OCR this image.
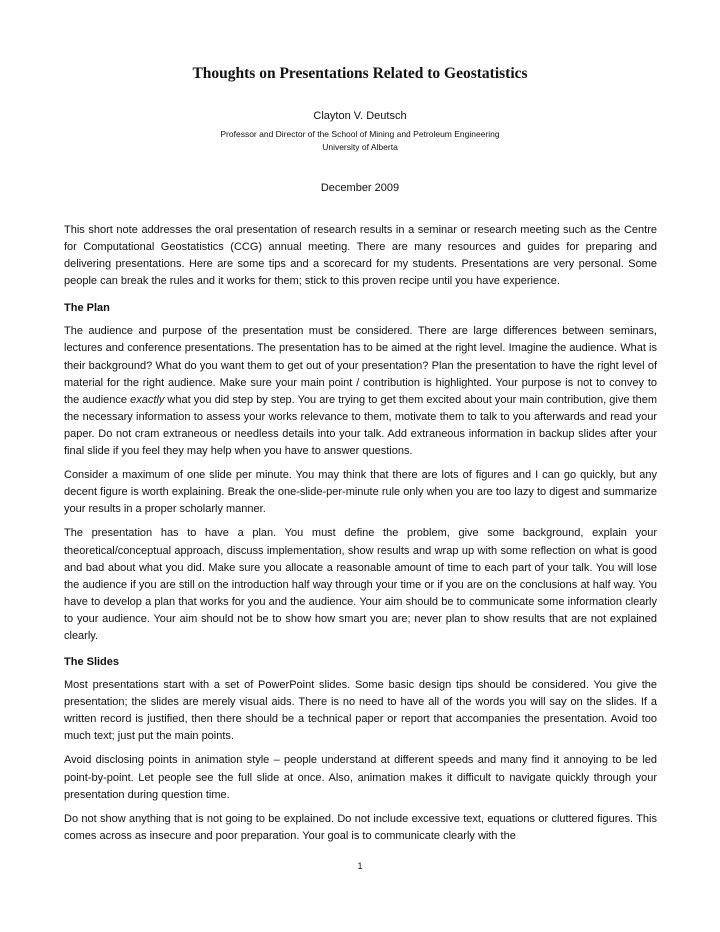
Thoughts on Presentations Related to Geostatistics
Clayton V. Deutsch
Professor and Director of the School of Mining and Petroleum Engineering
University of Alberta
December 2009

This short note addresses the oral presentation of research results in a seminar or research meeting such as the Centre for Computational Geostatistics (CCG) annual meeting. There are many resources and guides for preparing and delivering presentations. Here are some tips and a scorecard for my students. Presentations are very personal. Some people can break the rules and it works for them; stick to this proven recipe until you have experience.

The Plan

The audience and purpose of the presentation must be considered. There are large differences between seminars, lectures and conference presentations. The presentation has to be aimed at the right level. Imagine the audience. What is their background? What do you want them to get out of your presentation? Plan the presentation to have the right level of material for the right audience. Make sure your main point / contribution is highlighted. Your purpose is not to convey to the audience exactly what you did step by step. You are trying to get them excited about your main contribution, give them the necessary information to assess your works relevance to them, motivate them to talk to you afterwards and read your paper. Do not cram extraneous or needless details into your talk. Add extraneous information in backup slides after your final slide if you feel they may help when you have to answer questions.

Consider a maximum of one slide per minute. You may think that there are lots of figures and I can go quickly, but any decent figure is worth explaining. Break the one-slide-per-minute rule only when you are too lazy to digest and summarize your results in a proper scholarly manner.

The presentation has to have a plan. You must define the problem, give some background, explain your theoretical/conceptual approach, discuss implementation, show results and wrap up with some reflection on what is good and bad about what you did. Make sure you allocate a reasonable amount of time to each part of your talk. You will lose the audience if you are still on the introduction half way through your time or if you are on the conclusions at half way. You have to develop a plan that works for you and the audience. Your aim should be to communicate some information clearly to your audience. Your aim should not be to show how smart you are; never plan to show results that are not explained clearly.

The Slides

Most presentations start with a set of PowerPoint slides. Some basic design tips should be considered. You give the presentation; the slides are merely visual aids. There is no need to have all of the words you will say on the slides. If a written record is justified, then there should be a technical paper or report that accompanies the presentation. Avoid too much text; just put the main points.

Avoid disclosing points in animation style – people understand at different speeds and many find it annoying to be led point-by-point. Let people see the full slide at once. Also, animation makes it difficult to navigate quickly through your presentation during question time.

Do not show anything that is not going to be explained. Do not include excessive text, equations or cluttered figures. This comes across as insecure and poor preparation. Your goal is to communicate clearly with the

1
